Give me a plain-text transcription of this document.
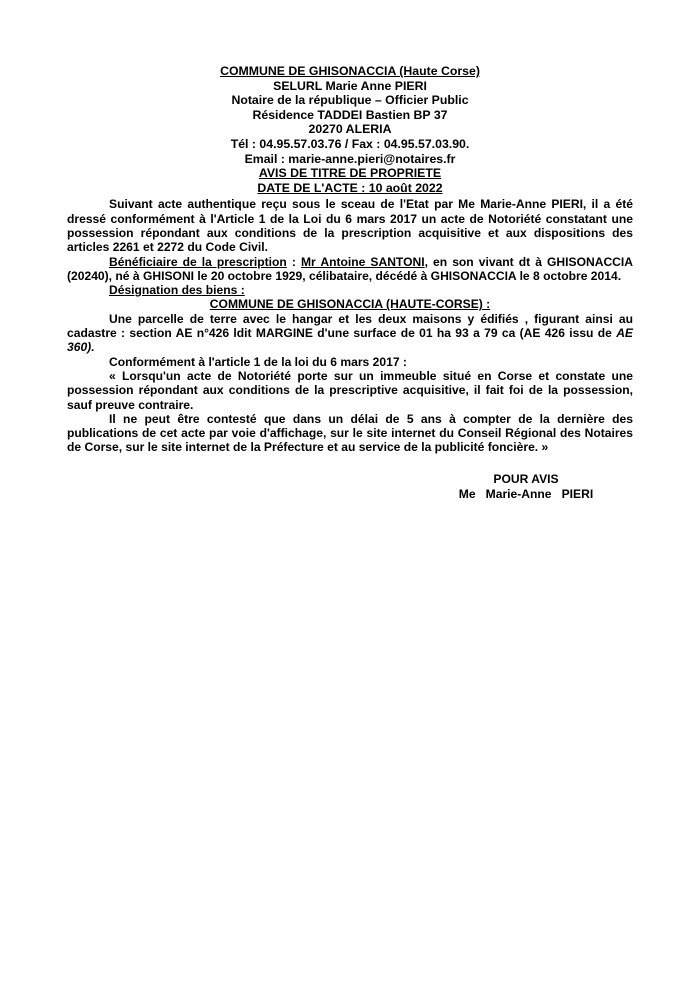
COMMUNE DE GHISONACCIA (Haute Corse)
SELURL Marie Anne PIERI
Notaire de la république – Officier Public
Résidence TADDEI Bastien BP 37
20270 ALERIA
Tél : 04.95.57.03.76 / Fax : 04.95.57.03.90.
Email : marie-anne.pieri@notaires.fr
AVIS DE TITRE DE PROPRIETE
DATE DE L'ACTE : 10 août 2022

Suivant acte authentique reçu sous le sceau de l'Etat par Me Marie-Anne PIERI, il a été dressé conformément à l'Article 1 de la Loi du 6 mars 2017 un acte de Notoriété constatant une possession répondant aux conditions de la prescription acquisitive et aux dispositions des articles 2261 et 2272 du Code Civil.

Bénéficiaire de la prescription : Mr Antoine SANTONI, en son vivant dt à GHISONACCIA (20240), né à GHISONI le 20 octobre 1929, célibataire, décédé à GHISONACCIA le 8 octobre 2014.

Désignation des biens :

COMMUNE DE GHISONACCIA (HAUTE-CORSE) :

Une parcelle de terre avec le hangar et les deux maisons y édifiés , figurant ainsi au cadastre : section AE n°426 ldit MARGINE d'une surface de 01 ha 93 a 79 ca (AE 426 issu de AE 360).

Conformément à l'article 1 de la loi du 6 mars 2017 :

« Lorsqu'un acte de Notoriété porte sur un immeuble situé en Corse et constate une possession répondant aux conditions de la prescriptive acquisitive, il fait foi de la possession, sauf preuve contraire.

Il ne peut être contesté que dans un délai de 5 ans à compter de la dernière des publications de cet acte par voie d'affichage, sur le site internet du Conseil Régional des Notaires de Corse, sur le site internet de la Préfecture et au service de la publicité foncière. »

POUR AVIS
Me   Marie-Anne   PIERI
